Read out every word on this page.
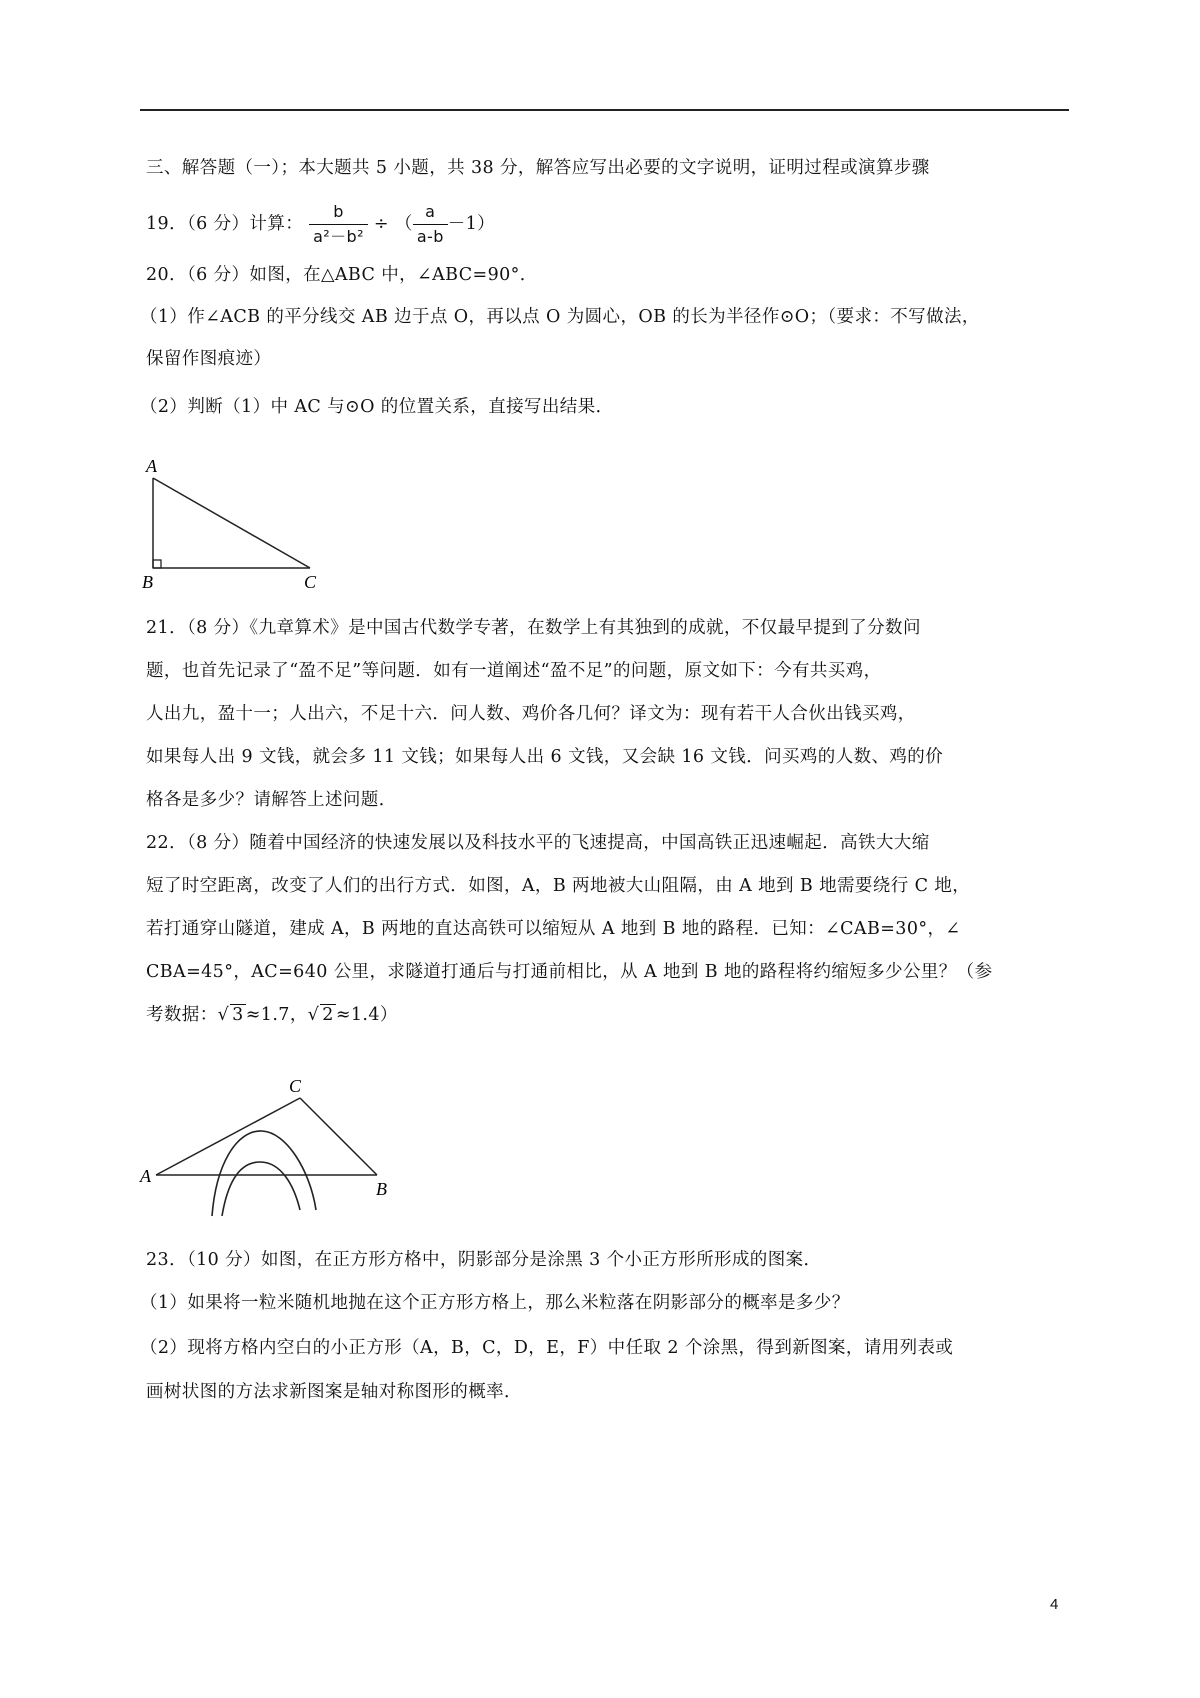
三、解答题（一）；本大题共 5 小题，共 38 分，解答应写出必要的文字说明，证明过程或演算步骤
19．（6 分）计算： $\frac{b}{\text{a²－b²}}$ ÷ （ $\frac{a}{a-b} -1$）
20．（6 分）如图，在△ABC 中，∠ABC=90°．
（1）作∠ACB 的平分线交 AB 边于点 O，再以点 O 为圆心，OB 的长为半径作⊙O；（要求：不写做法，
保留作图痕迹）
（2）判断（1）中 AC 与⊙O 的位置关系，直接写出结果．
A
B	C
21．（8 分）《九章算术》是中国古代数学专著，在数学上有其独到的成就，不仅最早提到了分数问
题，也首先记录了“盈不足”等问题．如有一道阐述“盈不足”的问题，原文如下：今有共买鸡，
人出九，盈十一；人出六，不足十六．问人数、鸡价各几何？译文为：现有若干人合伙出钱买鸡，
如果每人出 9 文钱，就会多 11 文钱；如果每人出 6 文钱，又会缺 16 文钱．问买鸡的人数、鸡的价
格各是多少？请解答上述问题．
22．（8 分）随着中国经济的快速发展以及科技水平的飞速提高，中国高铁正迅速崛起．高铁大大缩
短了时空距离，改变了人们的出行方式．如图，A，B 两地被大山阻隔，由 A 地到 B 地需要绕行 C 地，
若打通穿山隧道，建成 A，B 两地的直达高铁可以缩短从 A 地到 B 地的路程．已知：∠CAB=30°，∠
CBA=45°，AC=640 公里，求隧道打通后与打通前相比，从 A 地到 B 地的路程将约缩短多少公里？（参
考数据：√ 3 ≈1.7，√ 2 ≈1.4）
C
A
B
23．（10 分）如图，在正方形方格中，阴影部分是涂黑 3 个小正方形所形成的图案．
（1）如果将一粒米随机地抛在这个正方形方格上，那么米粒落在阴影部分的概率是多少？
（2）现将方格内空白的小正方形（A，B，C，D，E，F）中任取 2 个涂黑，得到新图案，请用列表或
画树状图的方法求新图案是轴对称图形的概率．
4
